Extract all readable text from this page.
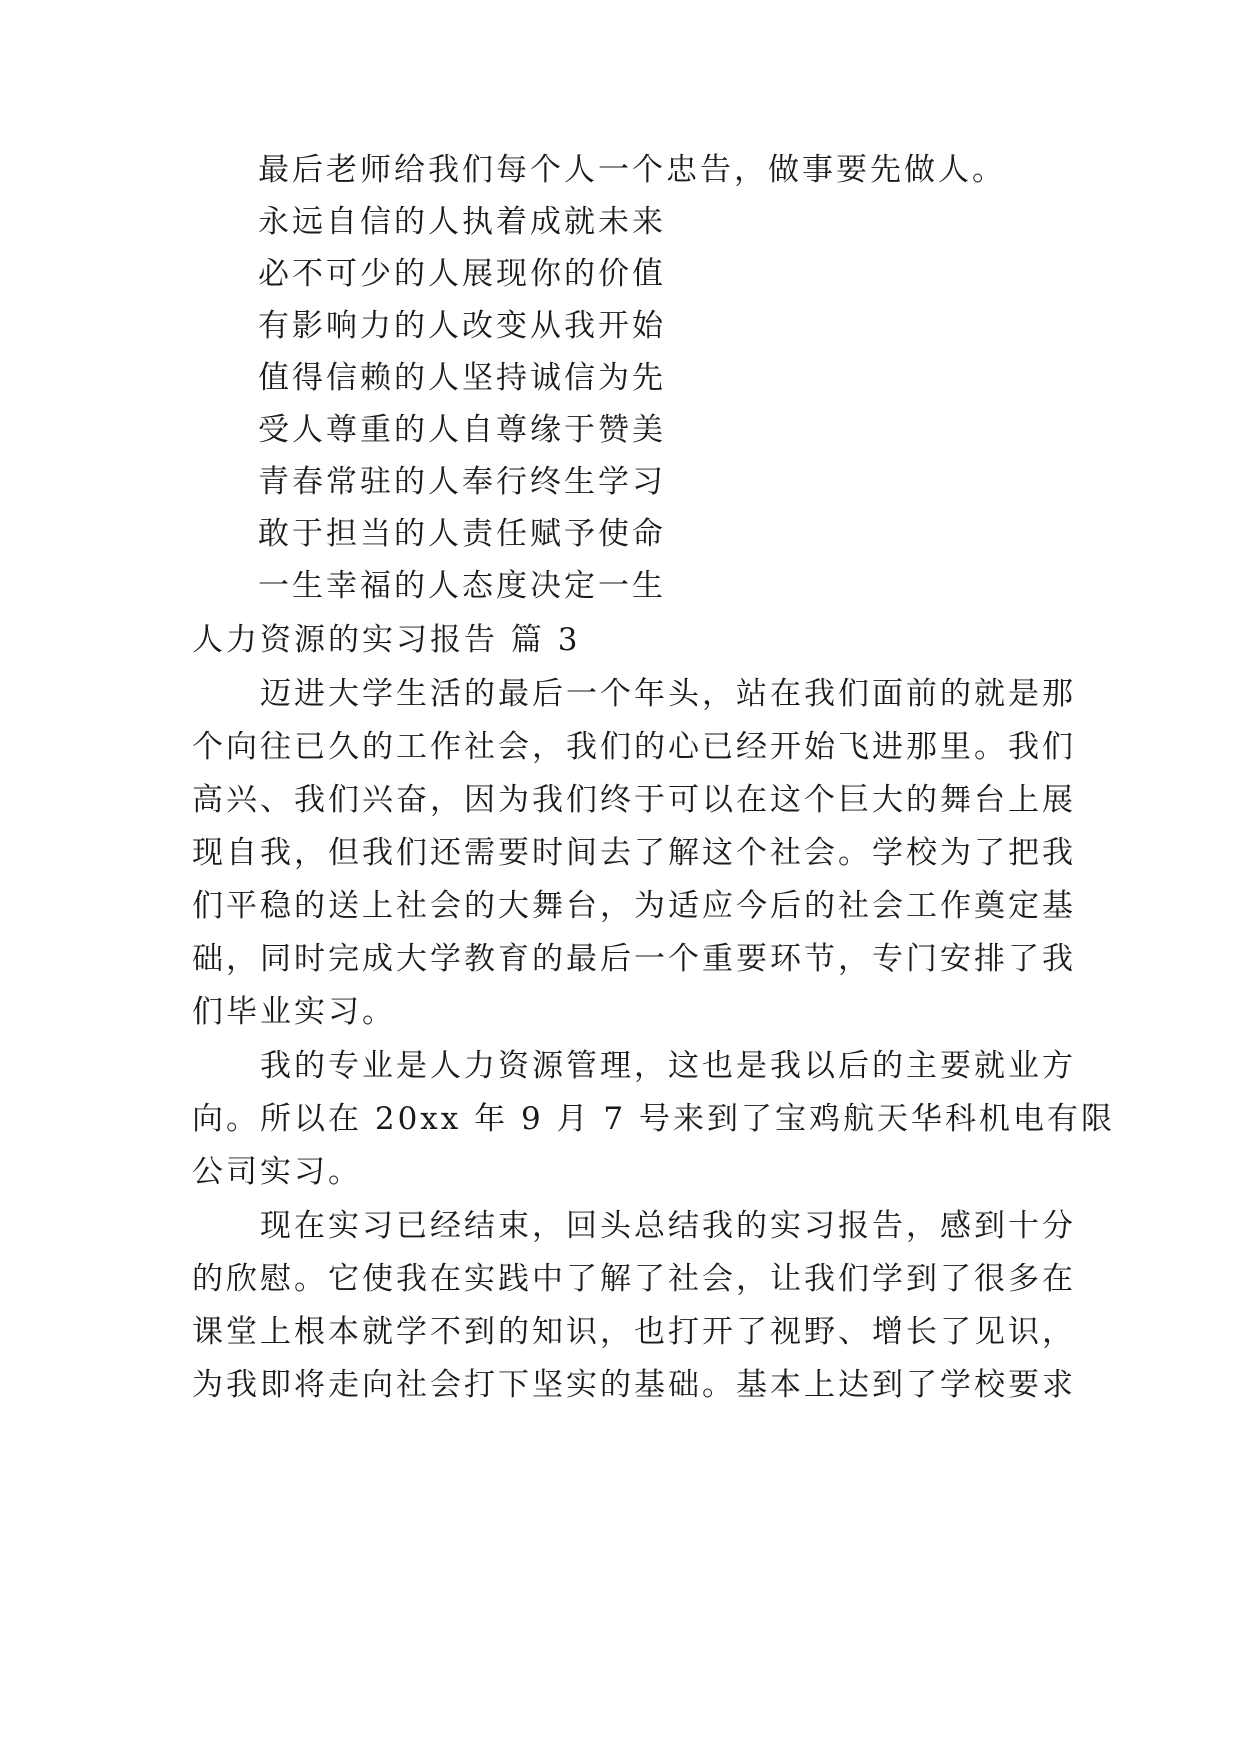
最后老师给我们每个人一个忠告，做事要先做人。
永远自信的人执着成就未来
必不可少的人展现你的价值
有影响力的人改变从我开始
值得信赖的人坚持诚信为先
受人尊重的人自尊缘于赞美
青春常驻的人奉行终生学习
敢于担当的人责任赋予使命
一生幸福的人态度决定一生
人力资源的实习报告 篇 3
　　迈进大学生活的最后一个年头，站在我们面前的就是那
个向往已久的工作社会，我们的心已经开始飞进那里。我们
高兴、我们兴奋，因为我们终于可以在这个巨大的舞台上展
现自我，但我们还需要时间去了解这个社会。学校为了把我
们平稳的送上社会的大舞台，为适应今后的社会工作奠定基
础，同时完成大学教育的最后一个重要环节，专门安排了我
们毕业实习。
　　我的专业是人力资源管理，这也是我以后的主要就业方
向。所以在 20xx 年 9 月 7 号来到了宝鸡航天华科机电有限
公司实习。
　　现在实习已经结束，回头总结我的实习报告，感到十分
的欣慰。它使我在实践中了解了社会，让我们学到了很多在
课堂上根本就学不到的知识，也打开了视野、增长了见识，
为我即将走向社会打下坚实的基础。基本上达到了学校要求
